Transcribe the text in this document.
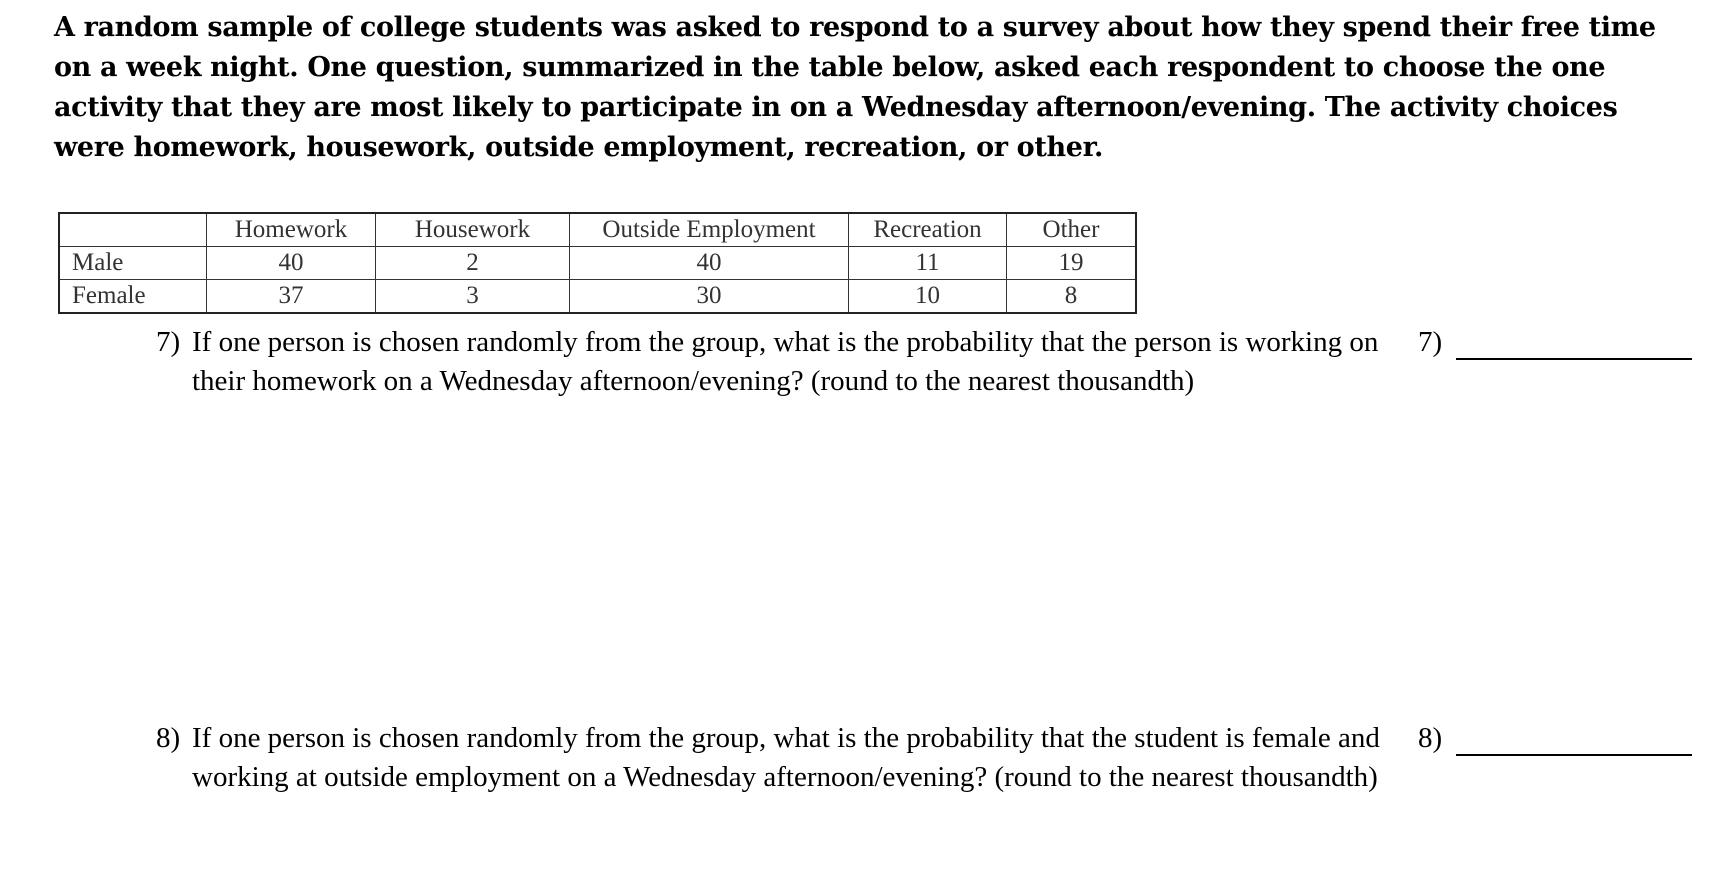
A random sample of college students was asked to respond to a survey about how they spend their free time on a week night. One question, summarized in the table below, asked each respondent to choose the one activity that they are most likely to participate in on a Wednesday afternoon/evening. The activity choices were homework, housework, outside employment, recreation, or other.

	Homework	Housework	Outside Employment	Recreation	Other
Male	40	2	40	11	19
Female	37	3	30	10	8
7) If one person is chosen randomly from the group, what is the probability that the person is working on their homework on a Wednesday afternoon/evening? (round to the nearest thousandth)
7)
8) If one person is chosen randomly from the group, what is the probability that the student is female and working at outside employment on a Wednesday afternoon/evening? (round to the nearest thousandth)
8)
